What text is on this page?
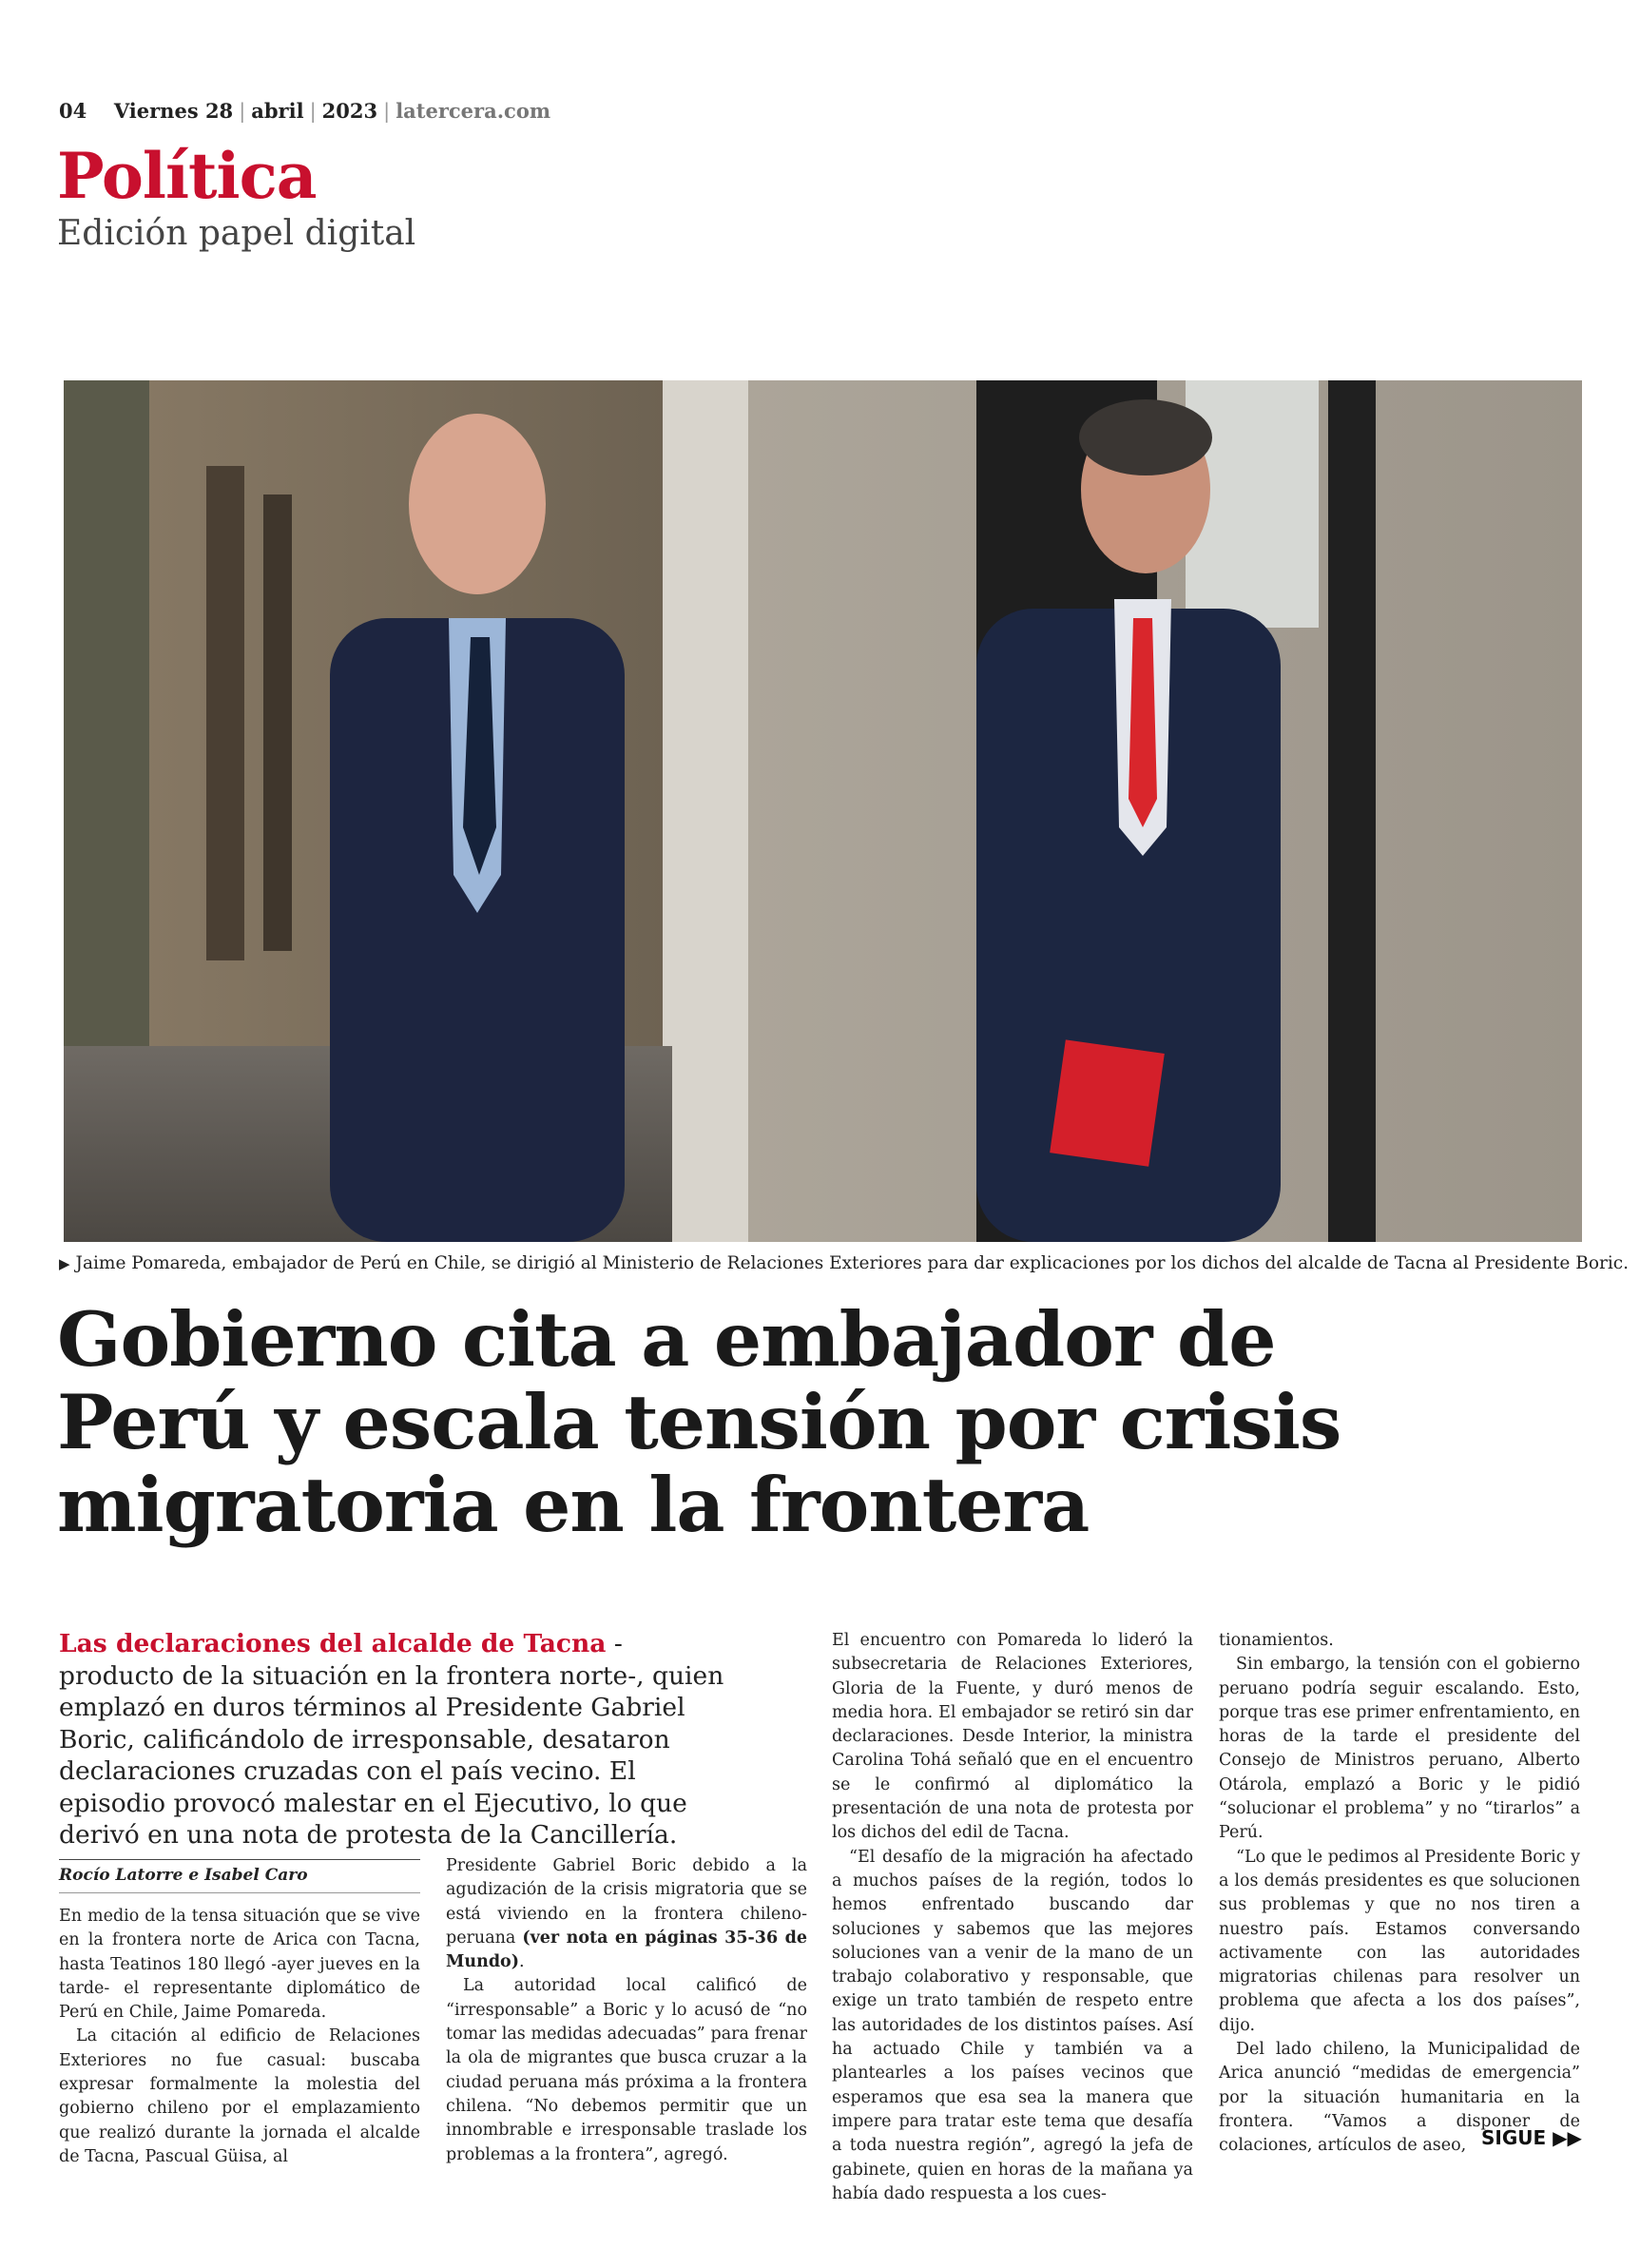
04 Viernes 28 | abril | 2023 | latercera.com
Política
Edición papel digital
▶ Jaime Pomareda, embajador de Perú en Chile, se dirigió al Ministerio de Relaciones Exteriores para dar explicaciones por los dichos del alcalde de Tacna al Presidente Boric.
Gobierno cita a embajador de
Perú y escala tensión por crisis
migratoria en la frontera
Las declaraciones del alcalde de Tacna -producto de la situación en la frontera norte-, quien emplazó en duros términos al Presidente Gabriel Boric, calificándolo de irresponsable, desataron declaraciones cruzadas con el país vecino. El episodio provocó malestar en el Ejecutivo, lo que derivó en una nota de protesta de la Cancillería.
Rocío Latorre e Isabel Caro

En medio de la tensa situación que se vive en la frontera norte de Arica con Tacna, hasta Teatinos 180 llegó -ayer jueves en la tarde- el representante diplomático de Perú en Chile, Jaime Pomareda.

La citación al edificio de Relaciones Exteriores no fue casual: buscaba expresar formalmente la molestia del gobierno chileno por el emplazamiento que realizó durante la jornada el alcalde de Tacna, Pascual Güisa, al

Presidente Gabriel Boric debido a la agudización de la crisis migratoria que se está viviendo en la frontera chileno-peruana (ver nota en páginas 35-36 de Mundo).

La autoridad local calificó de “irresponsable” a Boric y lo acusó de “no tomar las medidas adecuadas” para frenar la ola de migrantes que busca cruzar a la ciudad peruana más próxima a la frontera chilena. “No debemos permitir que un innombrable e irresponsable traslade los problemas a la frontera”, agregó.

El encuentro con Pomareda lo lideró la subsecretaria de Relaciones Exteriores, Gloria de la Fuente, y duró menos de media hora. El embajador se retiró sin dar declaraciones. Desde Interior, la ministra Carolina Tohá señaló que en el encuentro se le confirmó al diplomático la presentación de una nota de protesta por los dichos del edil de Tacna.

“El desafío de la migración ha afectado a muchos países de la región, todos lo hemos enfrentado buscando dar soluciones y sabemos que las mejores soluciones van a venir de la mano de un trabajo colaborativo y responsable, que exige un trato también de respeto entre las autoridades de los distintos países. Así ha actuado Chile y también va a plantearles a los países vecinos que esperamos que esa sea la manera que impere para tratar este tema que desafía a toda nuestra región”, agregó la jefa de gabinete, quien en horas de la mañana ya había dado respuesta a los cues-

tionamientos.

Sin embargo, la tensión con el gobierno peruano podría seguir escalando. Esto, porque tras ese primer enfrentamiento, en horas de la tarde el presidente del Consejo de Ministros peruano, Alberto Otárola, emplazó a Boric y le pidió “solucionar el problema” y no “tirarlos” a Perú.

“Lo que le pedimos al Presidente Boric y a los demás presidentes es que solucionen sus problemas y que no nos tiren a nuestro país. Estamos conversando activamente con las autoridades migratorias chilenas para resolver un problema que afecta a los dos países”, dijo.

Del lado chileno, la Municipalidad de Arica anunció “medidas de emergencia” por la situación humanitaria en la frontera. “Vamos a disponer de colaciones, artículos de aseo, SIGUE ▶▶
